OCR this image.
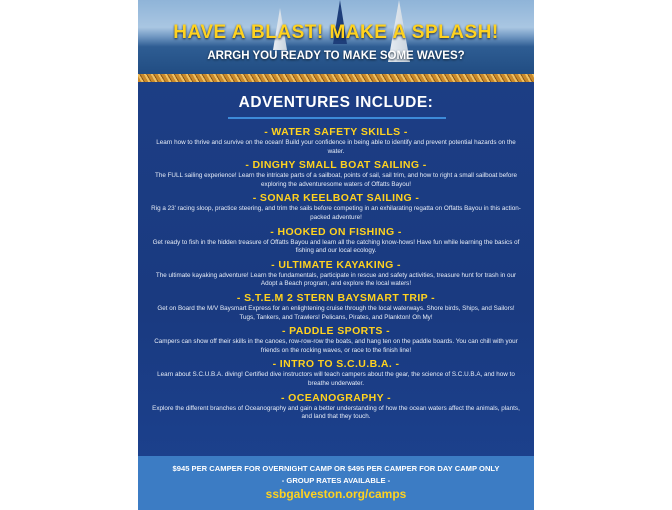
HAVE A BLAST! MAKE A SPLASH!
ARRGH YOU READY TO MAKE SOME WAVES?
ADVENTURES INCLUDE:
- WATER SAFETY SKILLS -

Learn how to thrive and survive on the ocean! Build your confidence in being able to identify and prevent potential hazards on the water.

- DINGHY SMALL BOAT SAILING -

The FULL sailing experience! Learn the intricate parts of a sailboat, points of sail, sail trim, and how to right a small sailboat before exploring the adventuresome waters of Offatts Bayou!

- SONAR KEELBOAT SAILING -

Rig a 23' racing sloop, practice steering, and trim the sails before competing in an exhilarating regatta on Offatts Bayou in this action-packed adventure!

- HOOKED ON FISHING -

Get ready to fish in the hidden treasure of Offatts Bayou and learn all the catching know-hows! Have fun while learning the basics of fishing and our local ecology.

- ULTIMATE KAYAKING -

The ultimate kayaking adventure! Learn the fundamentals, participate in rescue and safety activities, treasure hunt for trash in our Adopt a Beach program, and explore the local waters!

- S.T.E.M 2 STERN BAYSMART TRIP -

Get on Board the M/V Baysmart Express for an enlightening cruise through the local waterways. Shore birds, Ships, and Sailors! Tugs, Tankers, and Trawlers! Pelicans, Pirates, and Plankton! Oh My!

- PADDLE SPORTS -

Campers can show off their skills in the canoes, row-row-row the boats, and hang ten on the paddle boards. You can chill with your friends on the rocking waves, or race to the finish line!

- INTRO TO S.C.U.B.A. -

Learn about S.C.U.B.A. diving! Certified dive instructors will teach campers about the gear, the science of S.C.U.B.A, and how to breathe underwater.

- OCEANOGRAPHY -

Explore the different branches of Oceanography and gain a better understanding of how the ocean waters affect the animals, plants, and land that they touch.

$945 PER CAMPER FOR OVERNIGHT CAMP OR $495 PER CAMPER FOR DAY CAMP ONLY
- GROUP RATES AVAILABLE -
ssbgalveston.org/camps
